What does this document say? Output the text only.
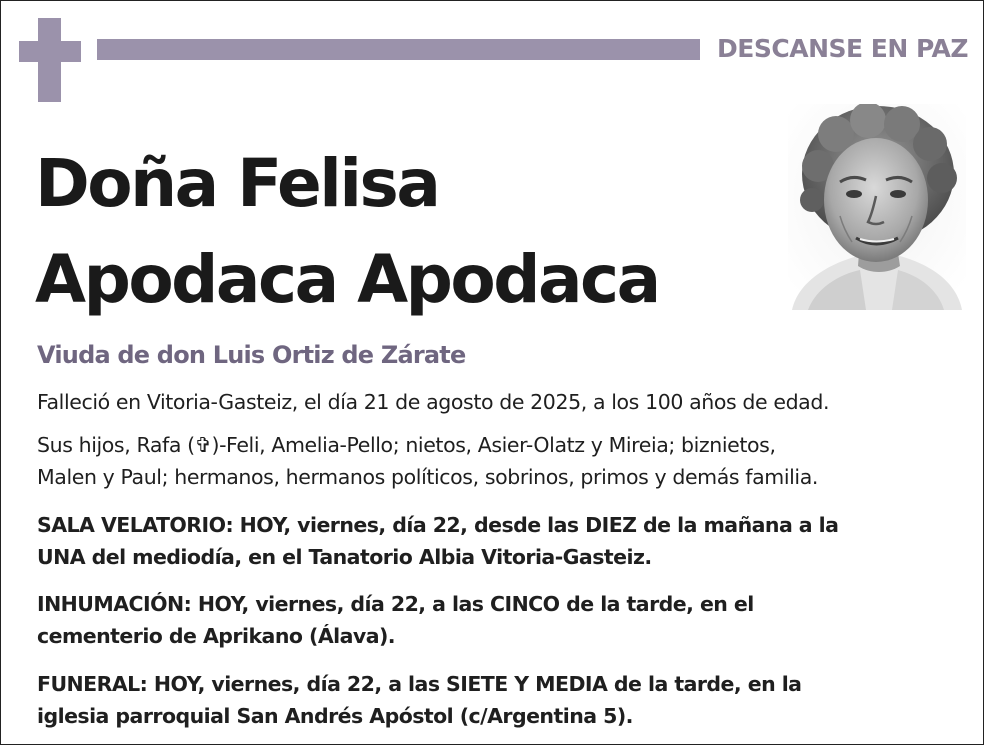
DESCANSE EN PAZ
Doña Felisa
Apodaca Apodaca
Viuda de don Luis Ortiz de Zárate

Falleció en Vitoria-Gasteiz, el día 21 de agosto de 2025, a los 100 años de edad.

Sus hijos, Rafa (✞)-Feli, Amelia-Pello; nietos, Asier-Olatz y Mireia; biznietos,
Malen y Paul; hermanos, hermanos políticos, sobrinos, primos y demás familia.

SALA VELATORIO: HOY, viernes, día 22, desde las DIEZ de la mañana a la
UNA del mediodía, en el Tanatorio Albia Vitoria-Gasteiz.

INHUMACIÓN: HOY, viernes, día 22, a las CINCO de la tarde, en el
cementerio de Aprikano (Álava).

FUNERAL: HOY, viernes, día 22, a las SIETE Y MEDIA de la tarde, en la
iglesia parroquial San Andrés Apóstol (c/Argentina 5).
